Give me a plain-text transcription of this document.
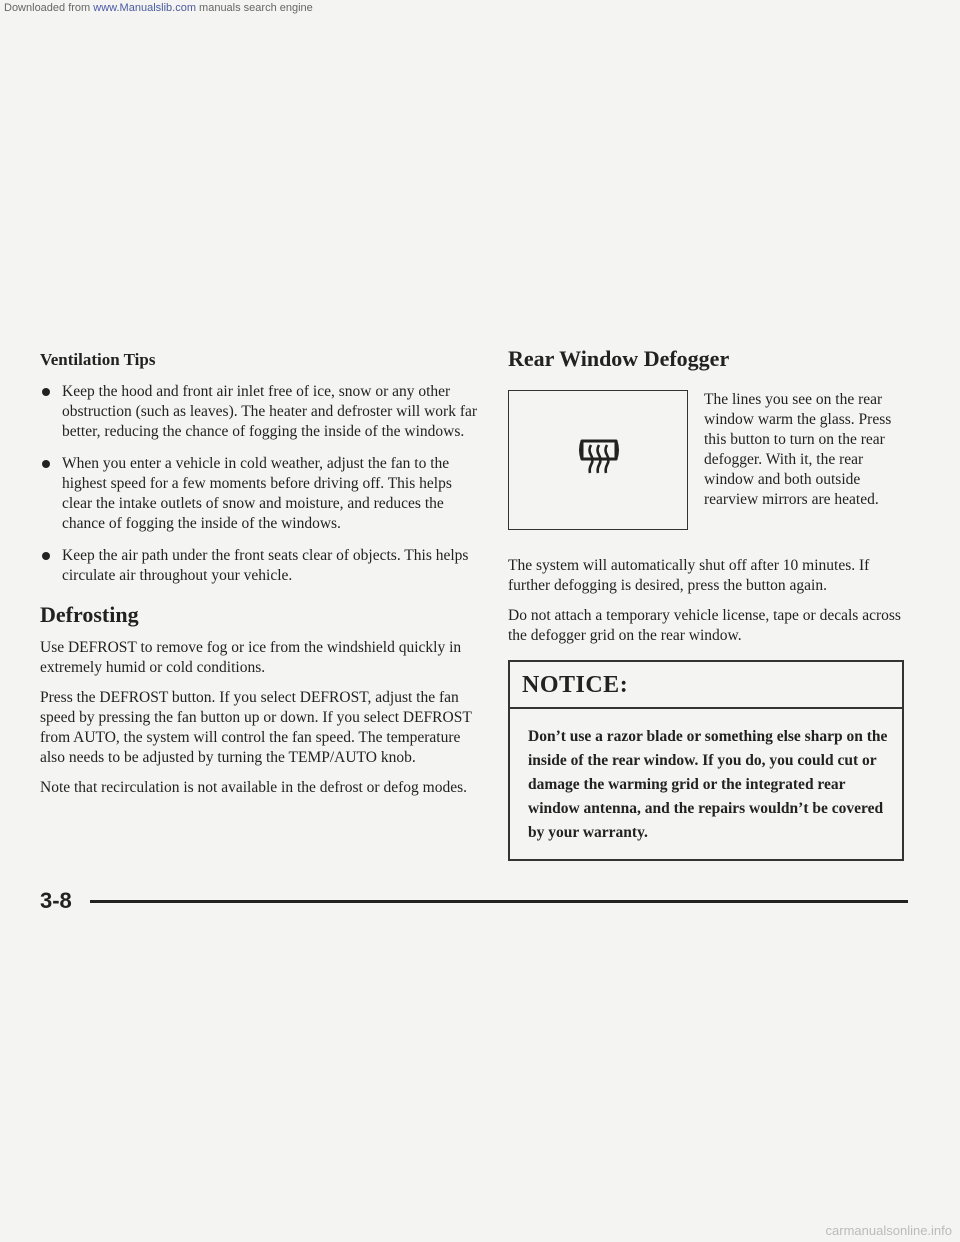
Downloaded from www.Manualslib.com manuals search engine
Ventilation Tips
Keep the hood and front air inlet free of ice, snow or any other obstruction (such as leaves). The heater and defroster will work far better, reducing the chance of fogging the inside of the windows.
When you enter a vehicle in cold weather, adjust the fan to the highest speed for a few moments before driving off. This helps clear the intake outlets of snow and moisture, and reduces the chance of fogging the inside of the windows.
Keep the air path under the front seats clear of objects. This helps circulate air throughout your vehicle.
Defrosting

Use DEFROST to remove fog or ice from the windshield quickly in extremely humid or cold conditions.

Press the DEFROST button. If you select DEFROST, adjust the fan speed by pressing the fan button up or down. If you select DEFROST from AUTO, the system will control the fan speed. The temperature also needs to be adjusted by turning the TEMP/AUTO knob.

Note that recirculation is not available in the defrost or defog modes.

Rear Window Defogger

The lines you see on the rear window warm the glass. Press this button to turn on the rear defogger. With it, the rear window and both outside rearview mirrors are heated.

The system will automatically shut off after 10 minutes. If further defogging is desired, press the button again.

Do not attach a temporary vehicle license, tape or decals across the defogger grid on the rear window.

NOTICE:
Don’t use a razor blade or something else sharp on the inside of the rear window. If you do, you could cut or damage the warming grid or the integrated rear window antenna, and the repairs wouldn’t be covered by your warranty.
3-8
carmanualsonline.info
